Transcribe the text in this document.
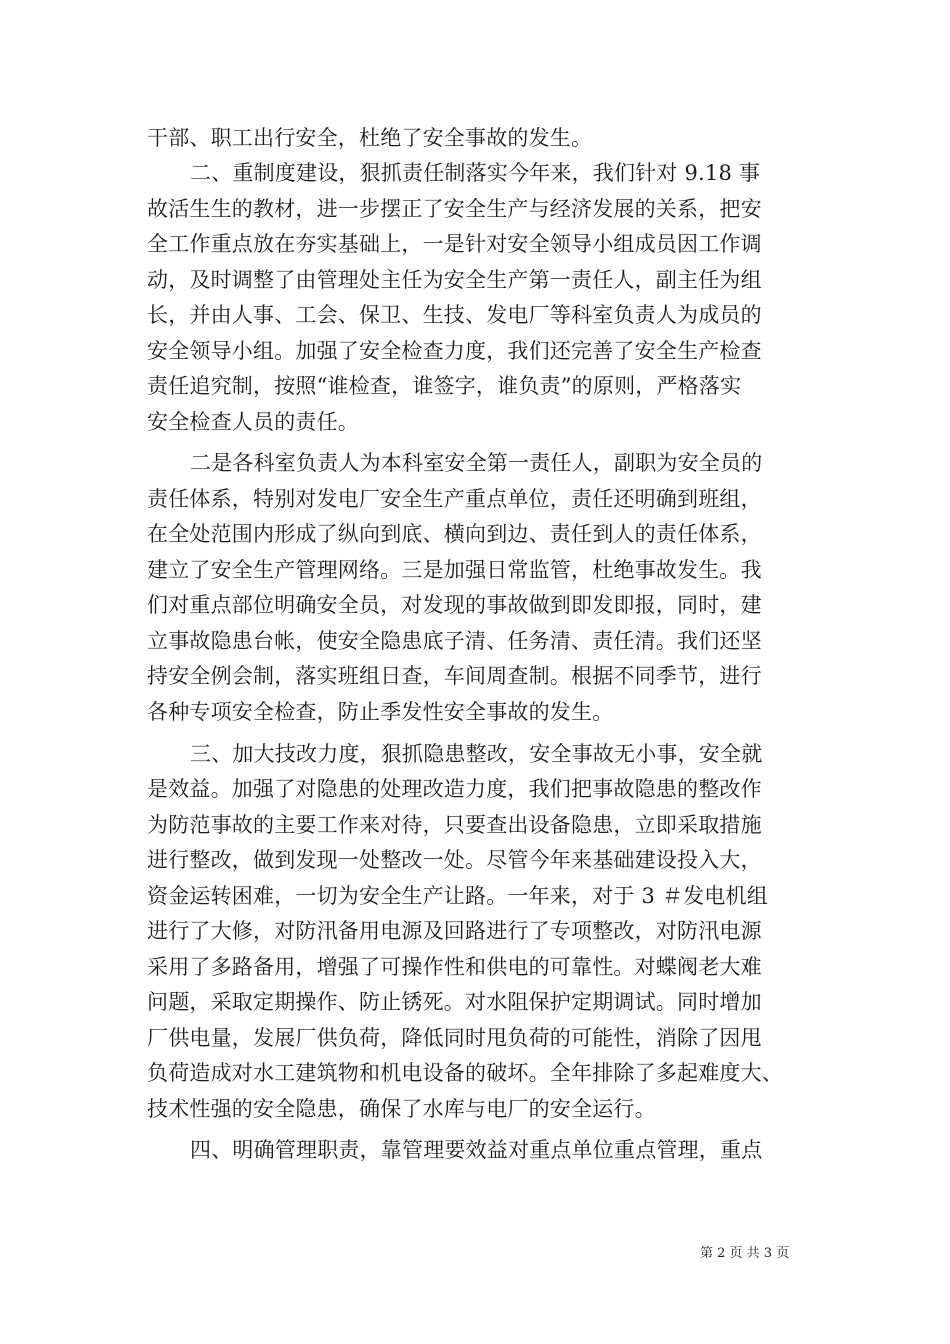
干部、职工出行安全，杜绝了安全事故的发生。
二、重制度建设，狠抓责任制落实今年来，我们针对 9.18 事
故活生生的教材，进一步摆正了安全生产与经济发展的关系，把安
全工作重点放在夯实基础上，一是针对安全领导小组成员因工作调
动，及时调整了由管理处主任为安全生产第一责任人，副主任为组
长，并由人事、工会、保卫、生技、发电厂等科室负责人为成员的
安全领导小组。加强了安全检查力度，我们还完善了安全生产检查
责任追究制，按照“谁检查，谁签字，谁负责”的原则，严格落实
安全检查人员的责任。
二是各科室负责人为本科室安全第一责任人，副职为安全员的
责任体系，特别对发电厂安全生产重点单位，责任还明确到班组，
在全处范围内形成了纵向到底、横向到边、责任到人的责任体系，
建立了安全生产管理网络。三是加强日常监管，杜绝事故发生。我
们对重点部位明确安全员，对发现的事故做到即发即报，同时，建
立事故隐患台帐，使安全隐患底子清、任务清、责任清。我们还坚
持安全例会制，落实班组日查，车间周查制。根据不同季节，进行
各种专项安全检查，防止季发性安全事故的发生。
三、加大技改力度，狠抓隐患整改，安全事故无小事，安全就
是效益。加强了对隐患的处理改造力度，我们把事故隐患的整改作
为防范事故的主要工作来对待，只要查出设备隐患，立即采取措施
进行整改，做到发现一处整改一处。尽管今年来基础建设投入大，
资金运转困难，一切为安全生产让路。一年来，对于 3 ＃发电机组
进行了大修，对防汛备用电源及回路进行了专项整改，对防汛电源
采用了多路备用，增强了可操作性和供电的可靠性。对蝶阀老大难
问题，采取定期操作、防止锈死。对水阻保护定期调试。同时增加
厂供电量，发展厂供负荷，降低同时甩负荷的可能性，消除了因甩
负荷造成对水工建筑物和机电设备的破坏。全年排除了多起难度大、
技术性强的安全隐患，确保了水库与电厂的安全运行。
四、明确管理职责，靠管理要效益对重点单位重点管理，重点
第 2 页 共 3 页
